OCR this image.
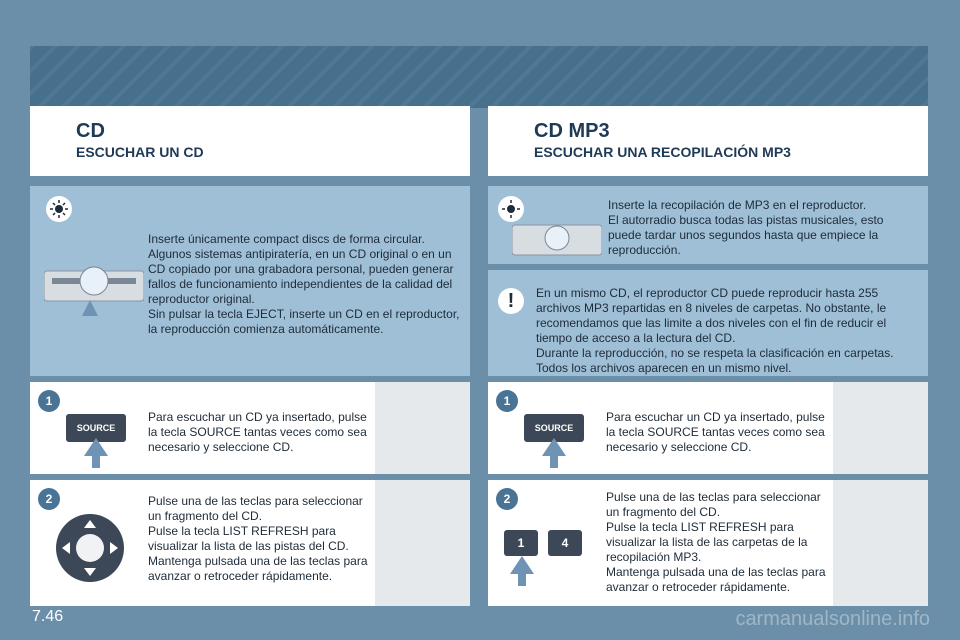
CD
ESCUCHAR UN CD
Inserte únicamente compact discs de forma circular.
Algunos sistemas antipiratería, en un CD original o en un CD copiado por una grabadora personal, pueden generar fallos de funcionamiento independientes de la calidad del reproductor original.
Sin pulsar la tecla EJECT, inserte un CD en el reproductor, la reproducción comienza automáticamente.
1
SOURCE
Para escuchar un CD ya insertado, pulse la tecla SOURCE tantas veces como sea necesario y seleccione CD.
2	Pulse una de las teclas para seleccionar un fragmento del CD.
Pulse la tecla LIST REFRESH para visualizar la lista de las pistas del CD.
Mantenga pulsada una de las teclas para avanzar o retroceder rápidamente.
CD MP3
ESCUCHAR UNA RECOPILACIÓN MP3
Inserte la recopilación de MP3 en el reproductor.
El autorradio busca todas las pistas musicales, esto puede tardar unos segundos hasta que empiece la reproducción.
!	En un mismo CD, el reproductor CD puede reproducir hasta 255 archivos MP3 repartidas en 8 niveles de carpetas. No obstante, le recomendamos que las limite a dos niveles con el fin de reducir el tiempo de acceso a la lectura del CD.
Durante la reproducción, no se respeta la clasificación en carpetas.
Todos los archivos aparecen en un mismo nivel.
1
SOURCE
Para escuchar un CD ya insertado, pulse la tecla SOURCE tantas veces como sea necesario y seleccione CD.
2
1	4
Pulse una de las teclas para seleccionar un fragmento del CD.
Pulse la tecla LIST REFRESH para visualizar la lista de las carpetas de la recopilación MP3.
Mantenga pulsada una de las teclas para avanzar o retroceder rápidamente.
7.46	carmanualsonline.info
